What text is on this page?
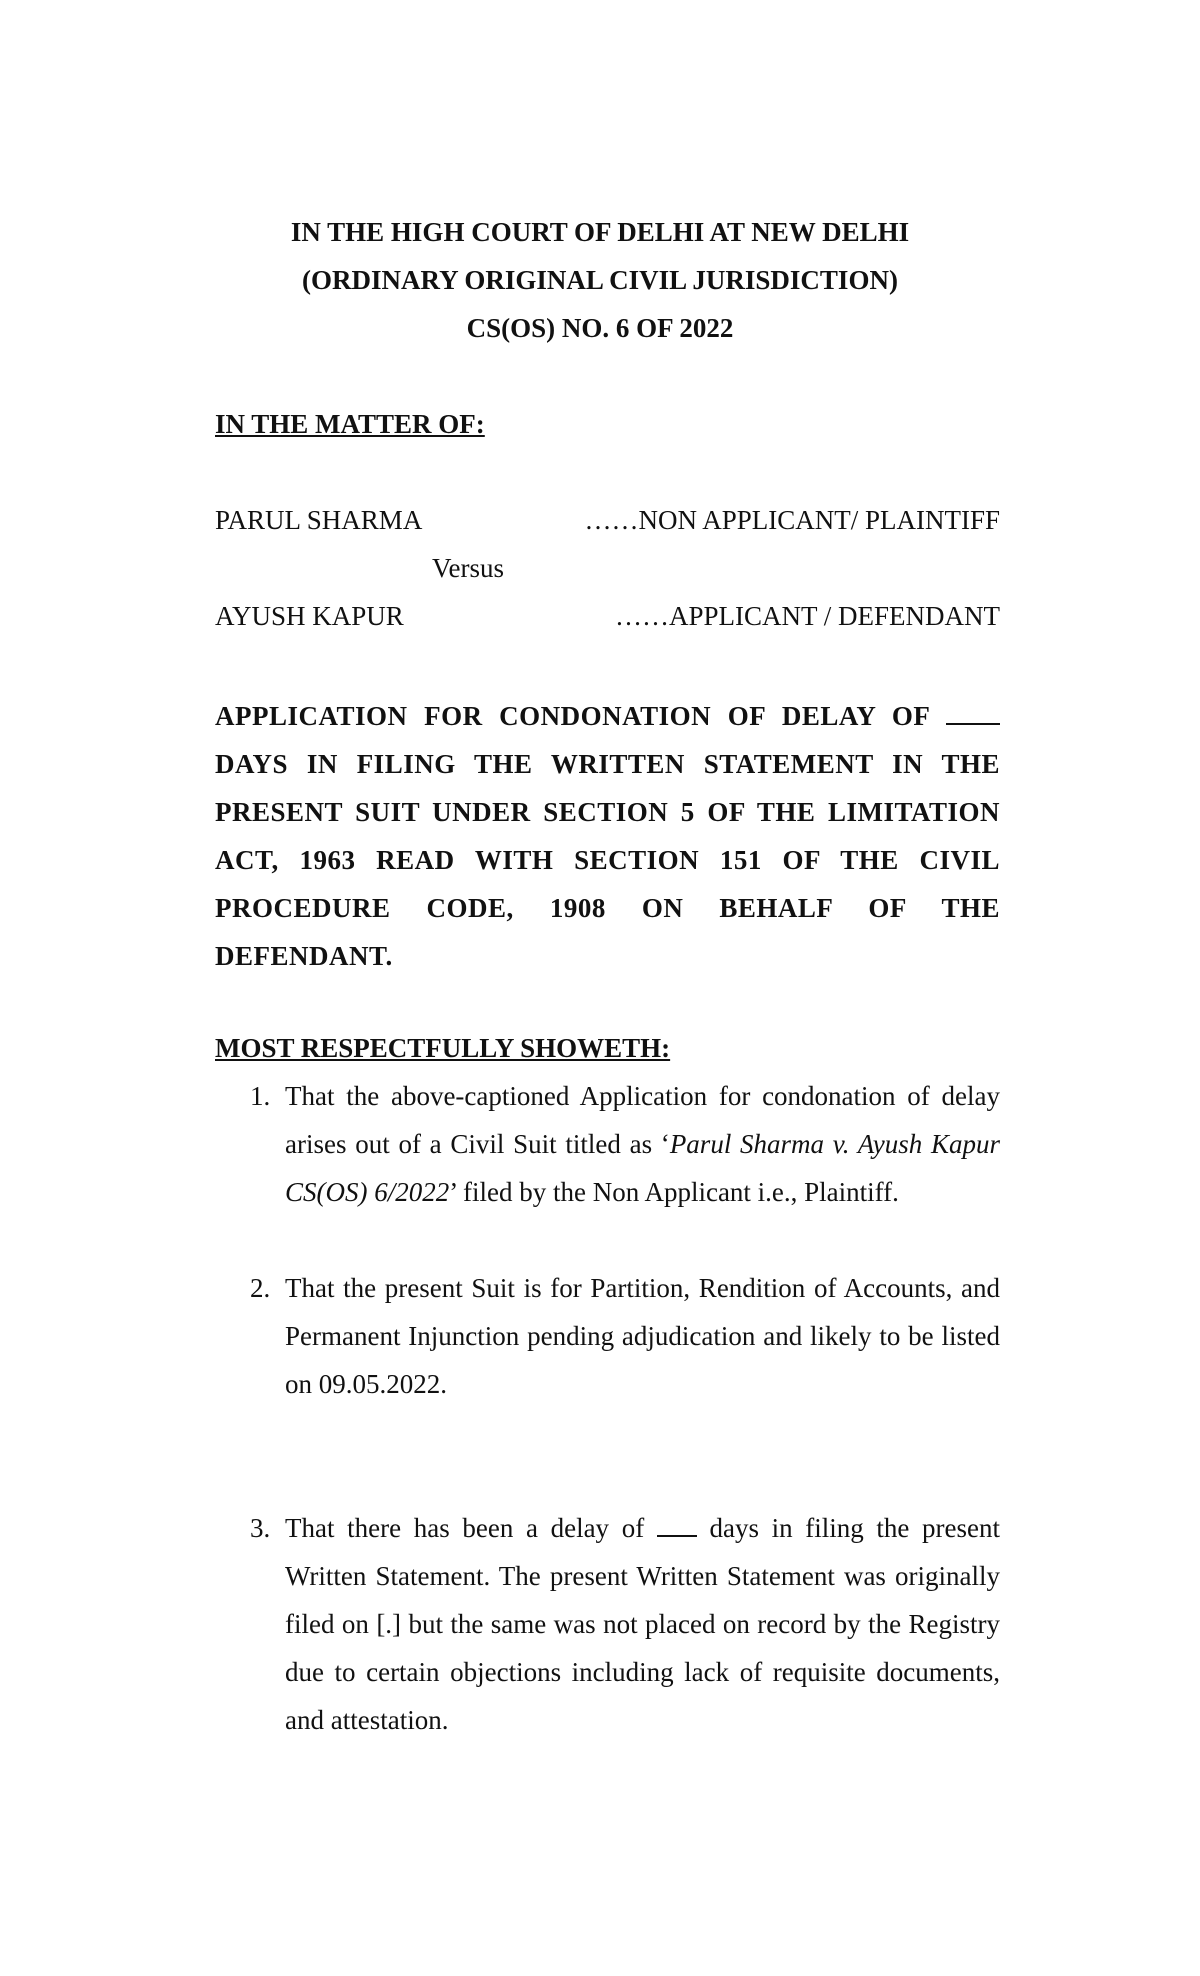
IN THE HIGH COURT OF DELHI AT NEW DELHI

(ORDINARY ORIGINAL CIVIL JURISDICTION)

CS(OS) NO. 6 OF 2022

IN THE MATTER OF:

PARUL SHARMA	……NON APPLICANT/ PLAINTIFF

Versus

AYUSH KAPUR	……APPLICANT / DEFENDANT

APPLICATION FOR CONDONATION OF DELAY OF
DAYS IN FILING THE WRITTEN STATEMENT IN THE
PRESENT SUIT UNDER SECTION 5 OF THE LIMITATION
ACT, 1963 READ WITH SECTION 151 OF THE CIVIL
PROCEDURE CODE, 1908 ON BEHALF OF THE
DEFENDANT.

MOST RESPECTFULLY SHOWETH:

1. That the above-captioned Application for condonation of delay arises out of a Civil Suit titled as ‘Parul Sharma v. Ayush Kapur CS(OS) 6/2022’ filed by the Non Applicant i.e., Plaintiff.
2. That the present Suit is for Partition, Rendition of Accounts, and Permanent Injunction pending adjudication and likely to be listed on 09.05.2022.
3. That there has been a delay of days in filing the present Written Statement. The present Written Statement was originally filed on [.] but the same was not placed on record by the Registry due to certain objections including lack of requisite documents, and attestation.
